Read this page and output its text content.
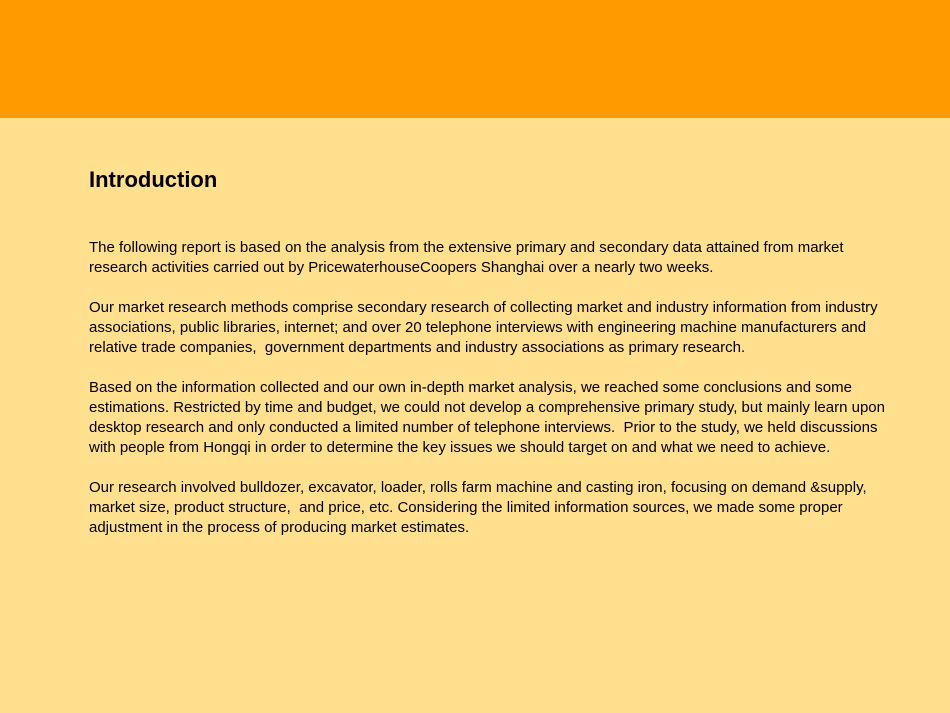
Introduction

The following report is based on the analysis from the extensive primary and secondary data attained from market research activities carried out by PricewaterhouseCoopers Shanghai over a nearly two weeks.

Our market research methods comprise secondary research of collecting market and industry information from industry associations, public libraries, internet; and over 20 telephone interviews with engineering machine manufacturers and relative trade companies,  government departments and industry associations as primary research.

Based on the information collected and our own in-depth market analysis, we reached some conclusions and some estimations. Restricted by time and budget, we could not develop a comprehensive primary study, but mainly learn upon desktop research and only conducted a limited number of telephone interviews.  Prior to the study, we held discussions with people from Hongqi in order to determine the key issues we should target on and what we need to achieve.

Our research involved bulldozer, excavator, loader, rolls farm machine and casting iron, focusing on demand &supply, market size, product structure,  and price, etc. Considering the limited information sources, we made some proper adjustment in the process of producing market estimates.
